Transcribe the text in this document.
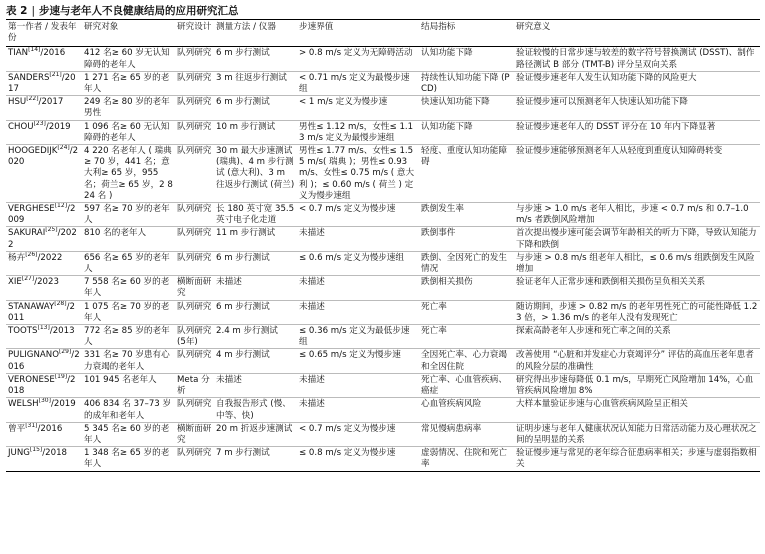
表 2 | 步速与老年人不良健康结局的应用研究汇总
第一作者 / 发表年份	研究对象	研究设计	测量方法 / 仪器	步速界值	结局指标	研究意义
TIAN[14]/2016	412 名≥ 60 岁无认知障碍的老年人	队列研究	6 m 步行测试	> 0.8 m/s 定义为无障碍活动	认知功能下降	验证较慢的日常步速与较差的数字符号替换测试 (DSST)、制作路径测试 B 部分 (TMT-B) 评分呈双向关系
SANDERS[21]/2017	1 271 名≥ 65 岁的老年人	队列研究	3 m 往返步行测试	< 0.71 m/s 定义为最慢步速组	持续性认知功能下降 (PCD)	验证慢步速老年人发生认知功能下降的风险更大
HSU[22]/2017	249 名≥ 80 岁的老年男性	队列研究	6 m 步行测试	< 1 m/s 定义为慢步速	快速认知功能下降	验证慢步速可以预测老年人快速认知功能下降
CHOU[23]/2019	1 096 名≥ 60 无认知障碍的老年人	队列研究	10 m 步行测试	男性≤ 1.12 m/s，女性≤ 1.13 m/s 定义为最慢步速组	认知功能下降	验证慢步速老年人的 DSST 评分在 10 年内下降显著
HOOGEDIJK[24]/2020	4 220 名老年人 ( 瑞典≥ 70 岁，441 名；意大利≥ 65 岁，955 名；荷兰≥ 65 岁，2 824 名 )	队列研究	30 m 最大步速测试 (瑞典)、4 m 步行测试 (意大利)、3 m 往返步行测试 (荷兰)	男性≤ 1.77 m/s、女性≤ 1.55 m/s( 瑞典 )；男性≤ 0.93 m/s、女性≤ 0.75 m/s ( 意大利 )；≤ 0.60 m/s ( 荷兰 ) 定义为慢步速组	轻度、重度认知功能障碍	验证慢步速能够预测老年人从轻度到重度认知障碍转变
VERGHESE[12]/2009	597 名≥ 70 岁的老年人	队列研究	长 180 英寸宽 35.5 英寸电子化走道	< 0.7 m/s 定义为慢步速	跌倒发生率	与步速 > 1.0 m/s 老年人相比，步速 < 0.7 m/s 和 0.7–1.0 m/s 者跌倒风险增加
SAKURAI[25]/2022	810 名的老年人	队列研究	11 m 步行测试	未描述	跌倒事件	首次提出慢步速可能会调节年龄相关的听力下降，导致认知能力下降和跌倒
杨卉[26]/2022	656 名≥ 65 岁的老年人	队列研究	6 m 步行测试	≤ 0.6 m/s 定义为慢步速组	跌倒、全因死亡的发生情况	与步速 > 0.8 m/s 组老年人相比，≤ 0.6 m/s 组跌倒发生风险增加
XIE[27]/2023	7 558 名≥ 60 岁的老年人	横断面研究	未描述	未描述	跌倒相关损伤	验证老年人正常步速和跌倒相关损伤呈负相关关系
STANAWAY[28]/2011	1 075 名≥ 70 岁的老年人	队列研究	6 m 步行测试	未描述	死亡率	随访期间，步速 > 0.82 m/s 的老年男性死亡的可能性降低 1.23 倍，> 1.36 m/s 的老年人没有发现死亡
TOOTS[13]/2013	772 名≥ 85 岁的老年人	队列研究 (5年)	2.4 m 步行测试	≤ 0.36 m/s 定义为最低步速组	死亡率	探索高龄老年人步速和死亡率之间的关系
PULIGNANO[29]/2016	331 名≥ 70 岁患有心力衰竭的老年人	队列研究	4 m 步行测试	≤ 0.65 m/s 定义为慢步速	全因死亡率、心力衰竭和全因住院	改善使用 “心脏和并发症心力衰竭评分” 评估的高血压老年患者的风险分层的准确性
VERONESE[19]/2018	101 945 名老年人	Meta 分析	未描述	未描述	死亡率、心血管疾病、癌症	研究得出步速每降低 0.1 m/s，早期死亡风险增加 14%，心血管疾病风险增加 8%
WELSH[30]/2019	406 834 名 37–73 岁的成年和老年人	队列研究	自我报告形式 (慢、中等、快)	未描述	心血管疾病风险	大样本量验证步速与心血管疾病风险呈正相关
曾平[31]/2016	5 345 名≥ 60 岁的老年人	横断面研究	20 m 折返步速测试	< 0.7 m/s 定义为慢步速	常见慢病患病率	证明步速与老年人健康状况认知能力日常活动能力及心理状况之间的呈明显的关系
JUNG[15]/2018	1 348 名≥ 65 岁的老年人	队列研究	7 m 步行测试	≤ 0.8 m/s 定义为慢步速	虚弱情况、住院和死亡率	验证慢步速与常见的老年综合征患病率相关；步速与虚弱指数相关
